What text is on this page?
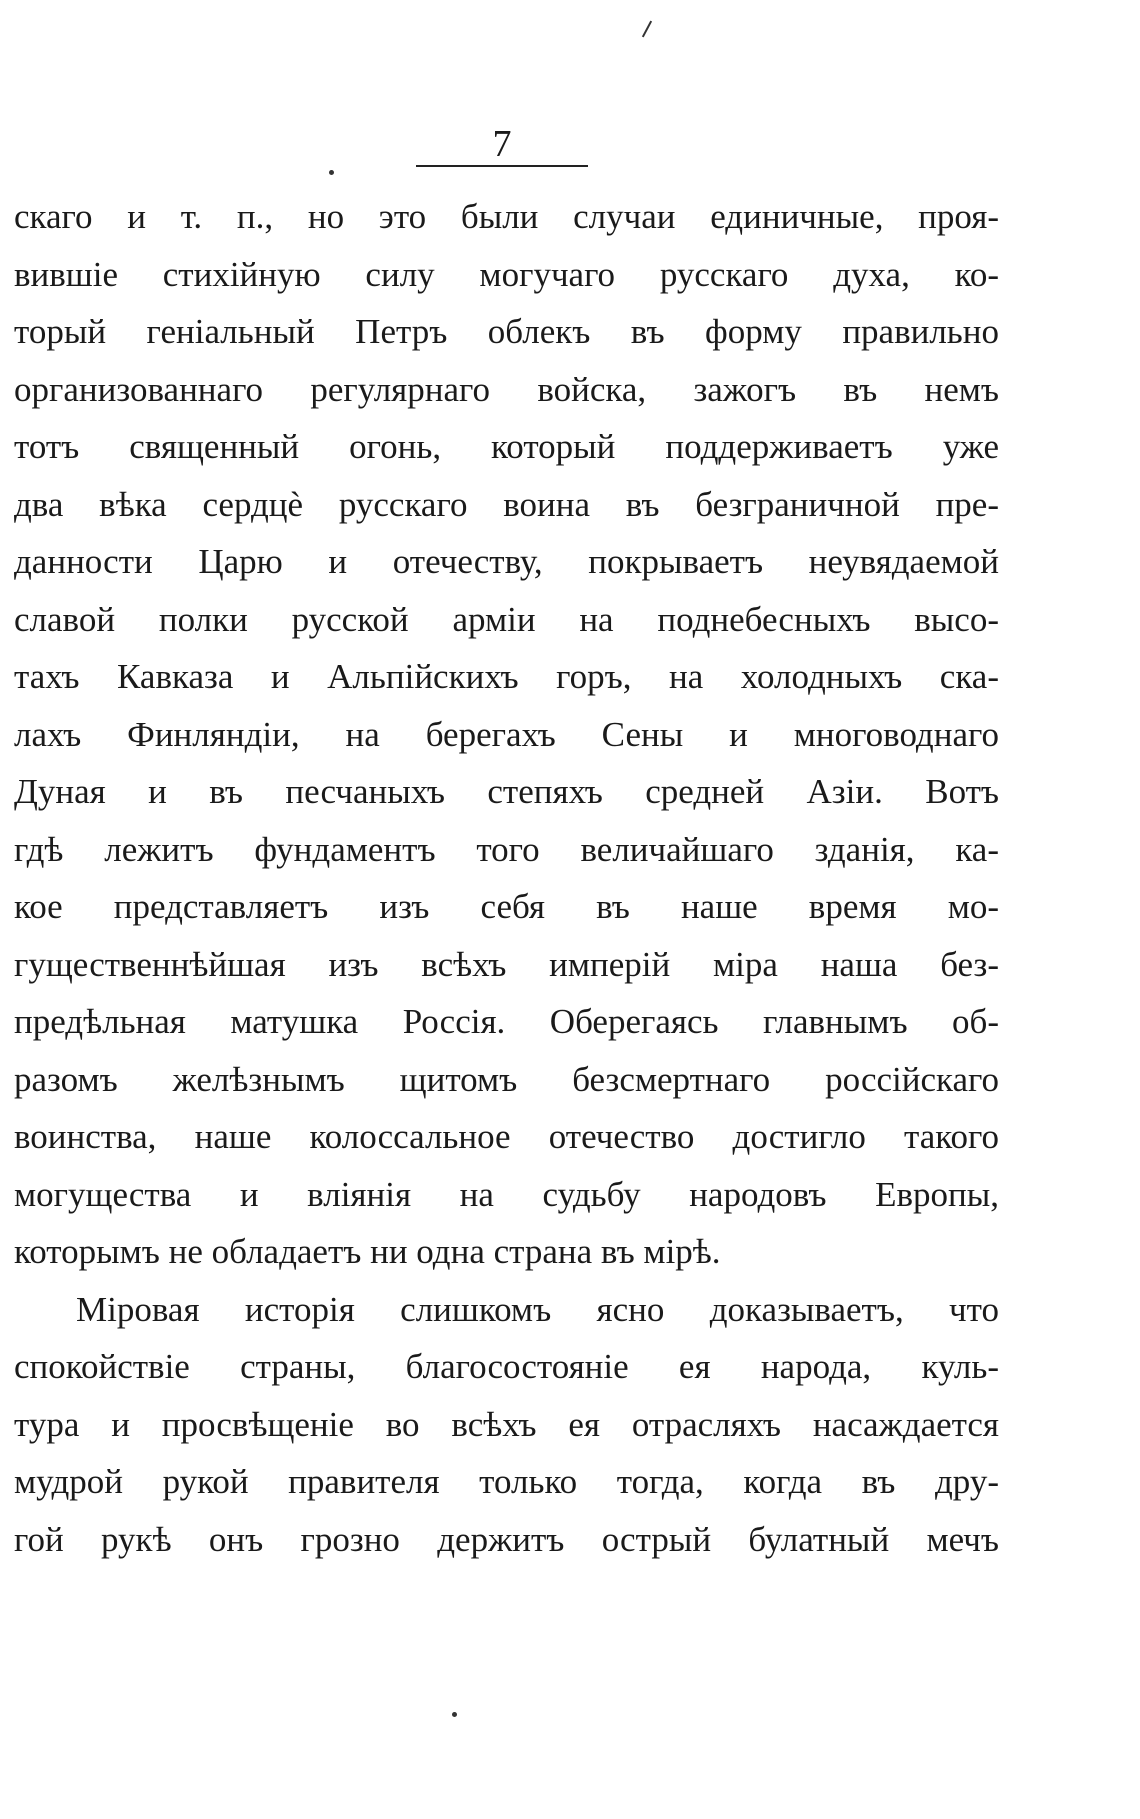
7
скаго и т. п., но это были случаи единичные, проя-
вившіе стихійную силу могучаго русскаго духа, ко-
торый геніальный Петръ облекъ въ форму правильно
организованнаго регулярнаго войска, зажогъ въ немъ
тотъ священный огонь, который поддерживаетъ уже
два вѣка сердцѐ русскаго воина въ безграничной пре-
данности Царю и отечеству, покрываетъ неувядаемой
славой полки русской арміи на поднебесныхъ высо-
тахъ Кавказа и Альпійскихъ горъ, на холодныхъ ска-
лахъ Финляндіи, на берегахъ Сены и многоводнаго
Дуная и въ песчаныхъ степяхъ средней Азіи. Вотъ
гдѣ лежитъ фундаментъ того величайшаго зданія, ка-
кое представляетъ изъ себя въ наше время мо-
гущественнѣйшая изъ всѣхъ имперій міра наша без-
предѣльная матушка Россія. Оберегаясь главнымъ об-
разомъ желѣзнымъ щитомъ безсмертнаго россійскаго
воинства, наше колоссальное отечество достигло такого
могущества и вліянія на судьбу народовъ Европы,
которымъ не обладаетъ ни одна страна въ мірѣ.
Міровая исторія слишкомъ ясно доказываетъ, что
спокойствіе страны, благосостояніе ея народа, куль-
тура и просвѣщеніе во всѣхъ ея отрасляхъ насаждается
мудрой рукой правителя только тогда, когда въ дру-
гой рукѣ онъ грозно держитъ острый булатный мечъ
